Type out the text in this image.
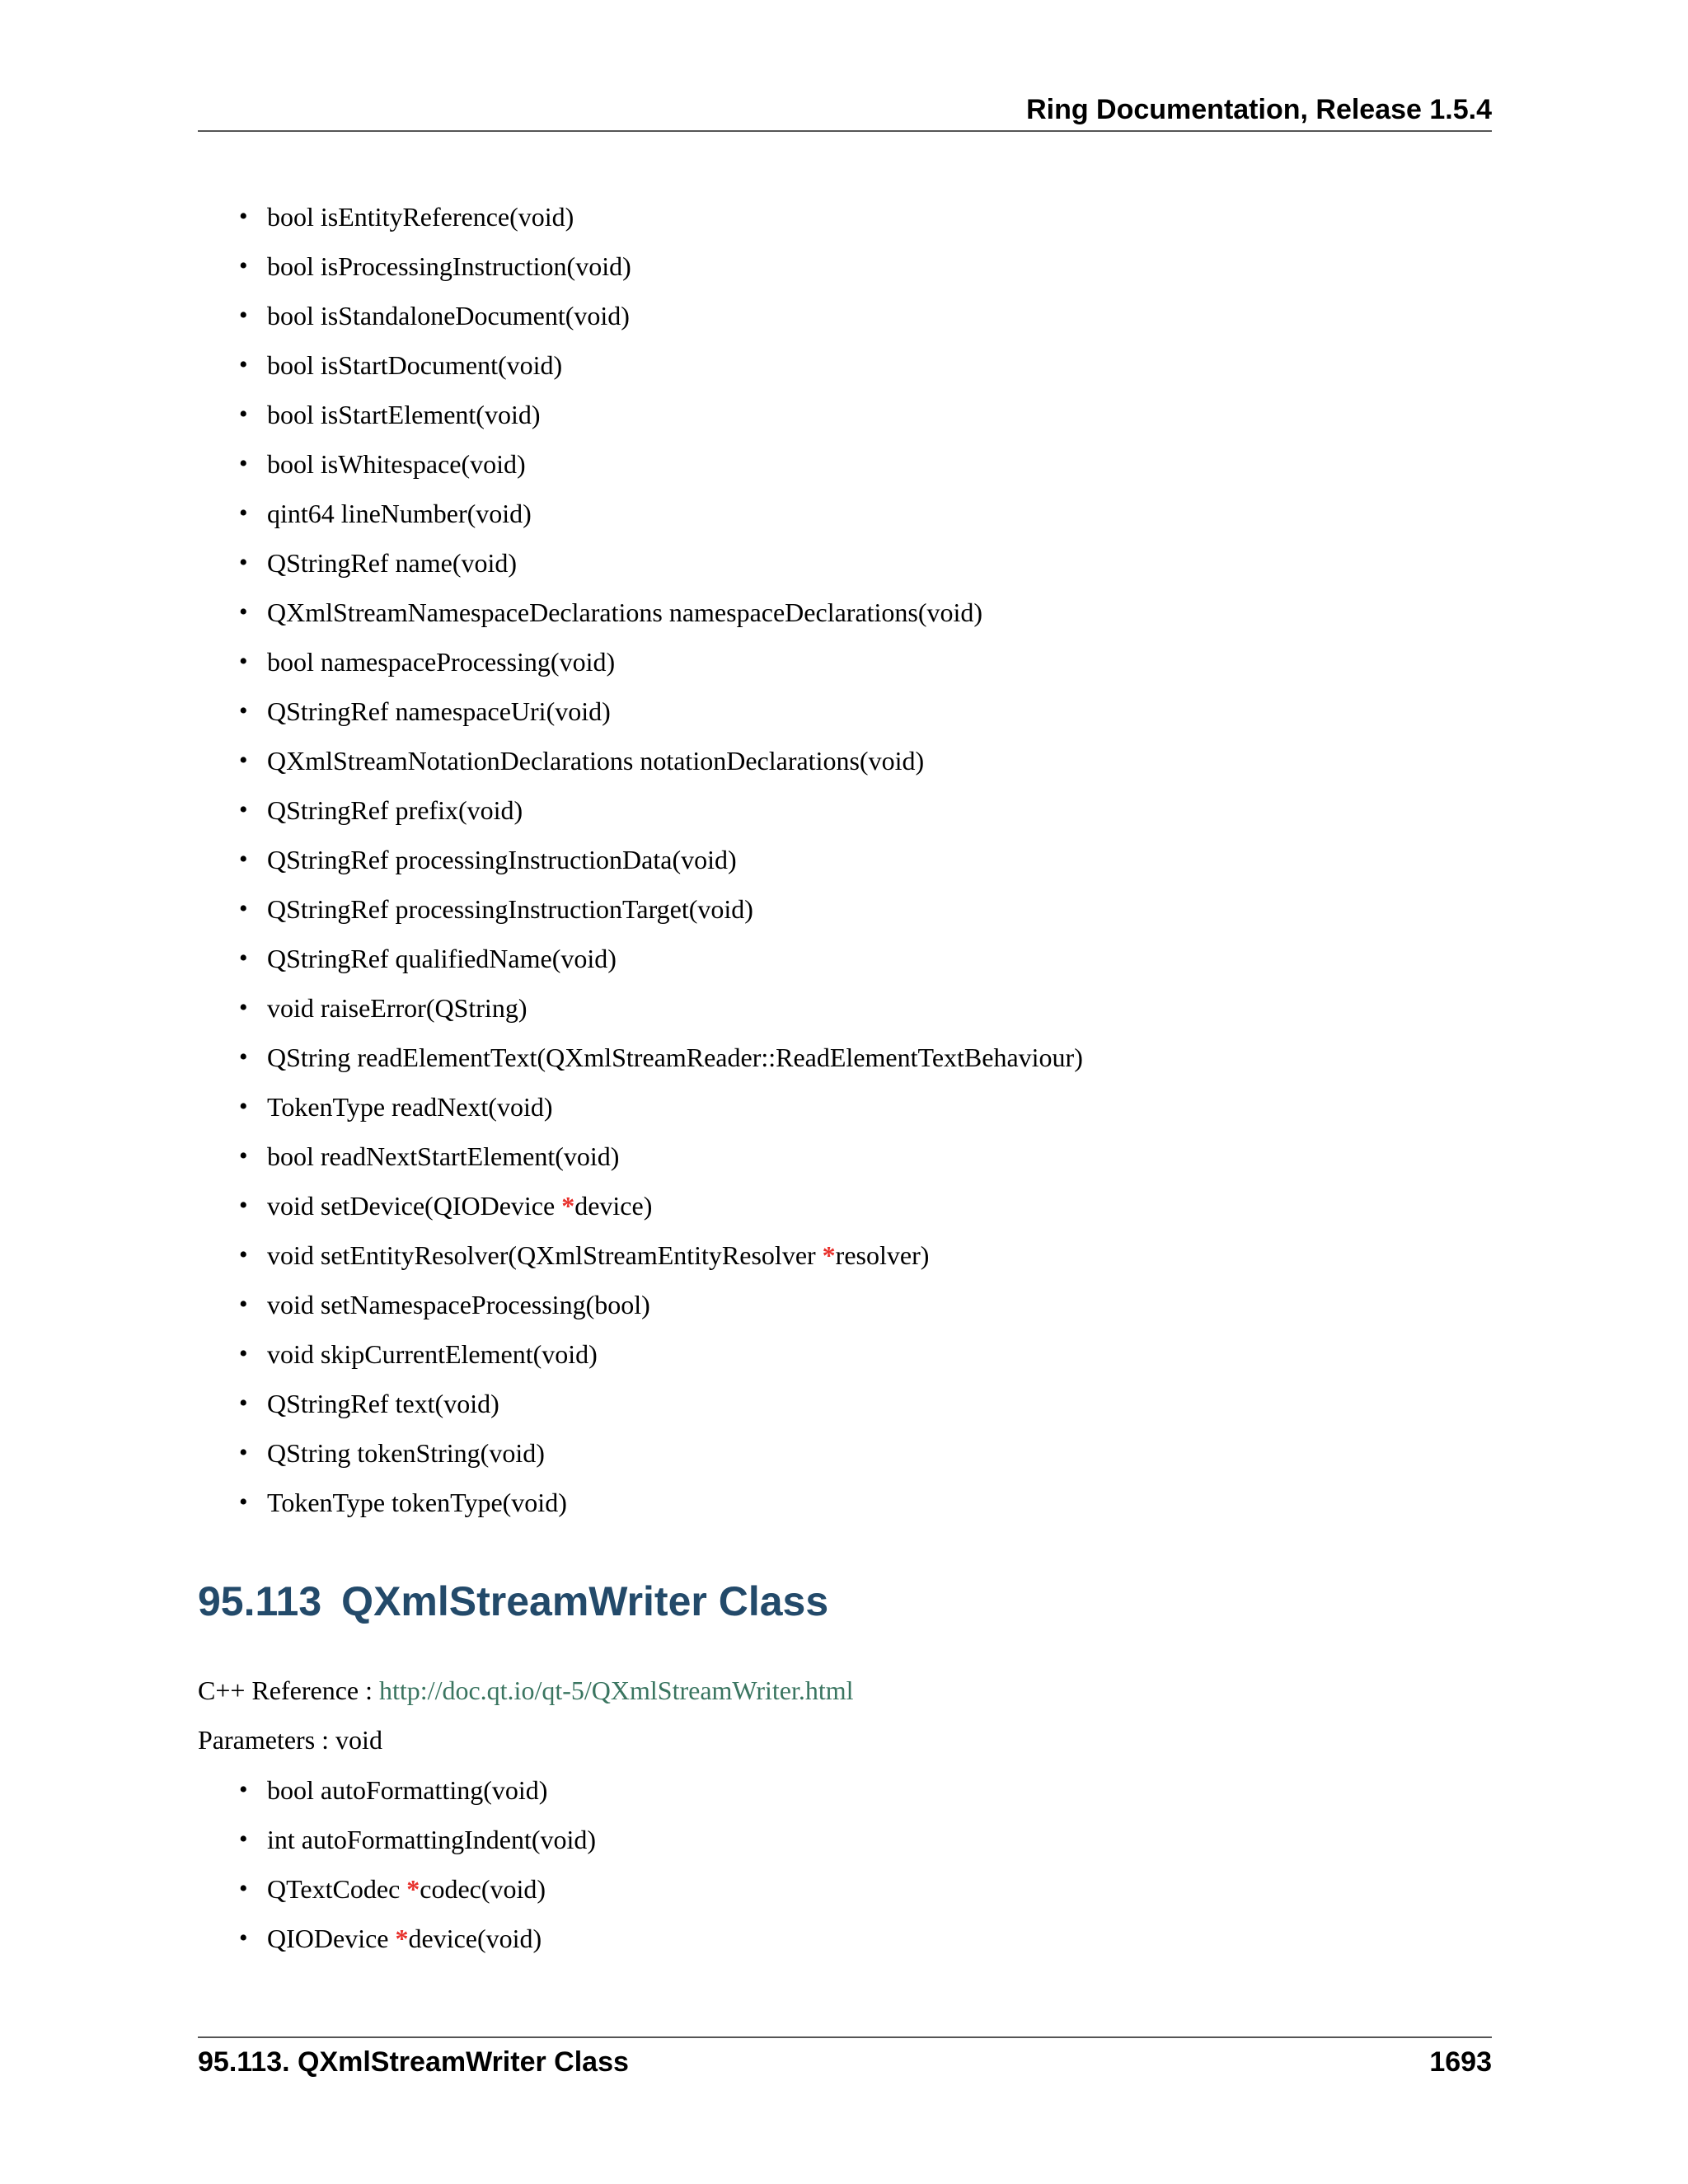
Ring Documentation, Release 1.5.4
• bool isEntityReference(void)
• bool isProcessingInstruction(void)
• bool isStandaloneDocument(void)
• bool isStartDocument(void)
• bool isStartElement(void)
• bool isWhitespace(void)
• qint64 lineNumber(void)
• QStringRef name(void)
• QXmlStreamNamespaceDeclarations namespaceDeclarations(void)
• bool namespaceProcessing(void)
• QStringRef namespaceUri(void)
• QXmlStreamNotationDeclarations notationDeclarations(void)
• QStringRef prefix(void)
• QStringRef processingInstructionData(void)
• QStringRef processingInstructionTarget(void)
• QStringRef qualifiedName(void)
• void raiseError(QString)
• QString readElementText(QXmlStreamReader::ReadElementTextBehaviour)
• TokenType readNext(void)
• bool readNextStartElement(void)
• void setDevice(QIODevice *device)
• void setEntityResolver(QXmlStreamEntityResolver *resolver)
• void setNamespaceProcessing(bool)
• void skipCurrentElement(void)
• QStringRef text(void)
• QString tokenString(void)
• TokenType tokenType(void)
95.113 QXmlStreamWriter Class
C++ Reference : http://doc.qt.io/qt-5/QXmlStreamWriter.html
Parameters : void
• bool autoFormatting(void)
• int autoFormattingIndent(void)
• QTextCodec *codec(void)
• QIODevice *device(void)
95.113. QXmlStreamWriter Class	1693
